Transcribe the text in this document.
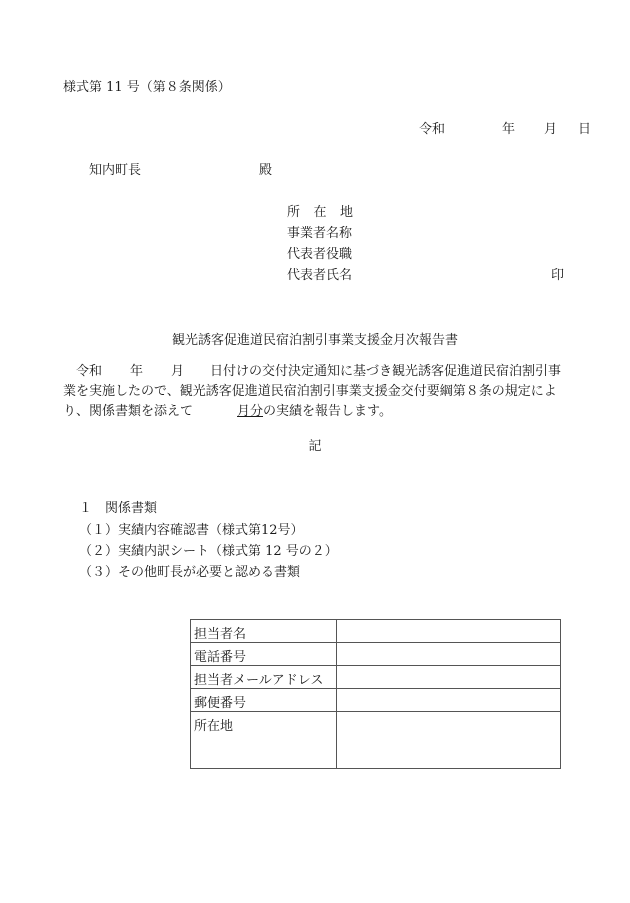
様式第 11 号（第８条関係）
令和	年 月 日
知内町長	殿
所在地
事業者名称
代表者役職
代表者氏名	印
観光誘客促進道民宿泊割引事業支援金月次報告書
令和 年 月 日付けの交付決定通知に基づき観光誘客促進道民宿泊割引事業を実施したので、観光誘客促進道民宿泊割引事業支援金交付要綱第８条の規定により、関係書類を添えて	月分の実績を報告します。
記
１　関係書類
（１）実績内容確認書（様式第12号）
（２）実績内訳シート（様式第 12 号の２）
（３）その他町長が必要と認める書類
担当者名	
電話番号	
担当者メールアドレス	
郵便番号	
所在地	
